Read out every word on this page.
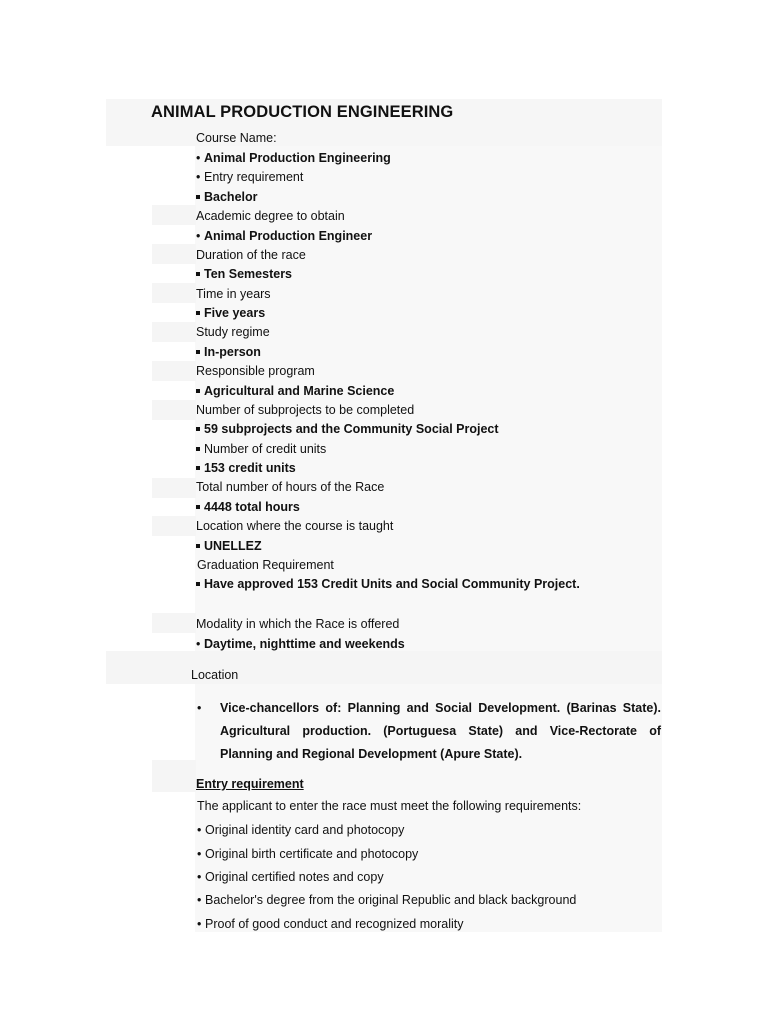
ANIMAL PRODUCTION ENGINEERING
Course Name:
• Animal Production Engineering
• Entry requirement
Bachelor
Academic degree to obtain
• Animal Production Engineer
Duration of the race
Ten Semesters
Time in years
Five years
Study regime
In-person
Responsible program
Agricultural and Marine Science
Number of subprojects to be completed
59 subprojects and the Community Social Project
Number of credit units
153 credit units
Total number of hours of the Race
4448 total hours
Location where the course is taught
UNELLEZ
Graduation Requirement
Have approved 153 Credit Units and Social Community Project.
Modality in which the Race is offered
• Daytime, nighttime and weekends
Location
• Vice-chancellors of: Planning and Social Development. (Barinas State). Agricultural production. (Portuguesa State) and Vice-Rectorate of Planning and Regional Development (Apure State).
Entry requirement
The applicant to enter the race must meet the following requirements:
• Original identity card and photocopy
• Original birth certificate and photocopy
• Original certified notes and copy
• Bachelor's degree from the original Republic and black background
• Proof of good conduct and recognized morality
